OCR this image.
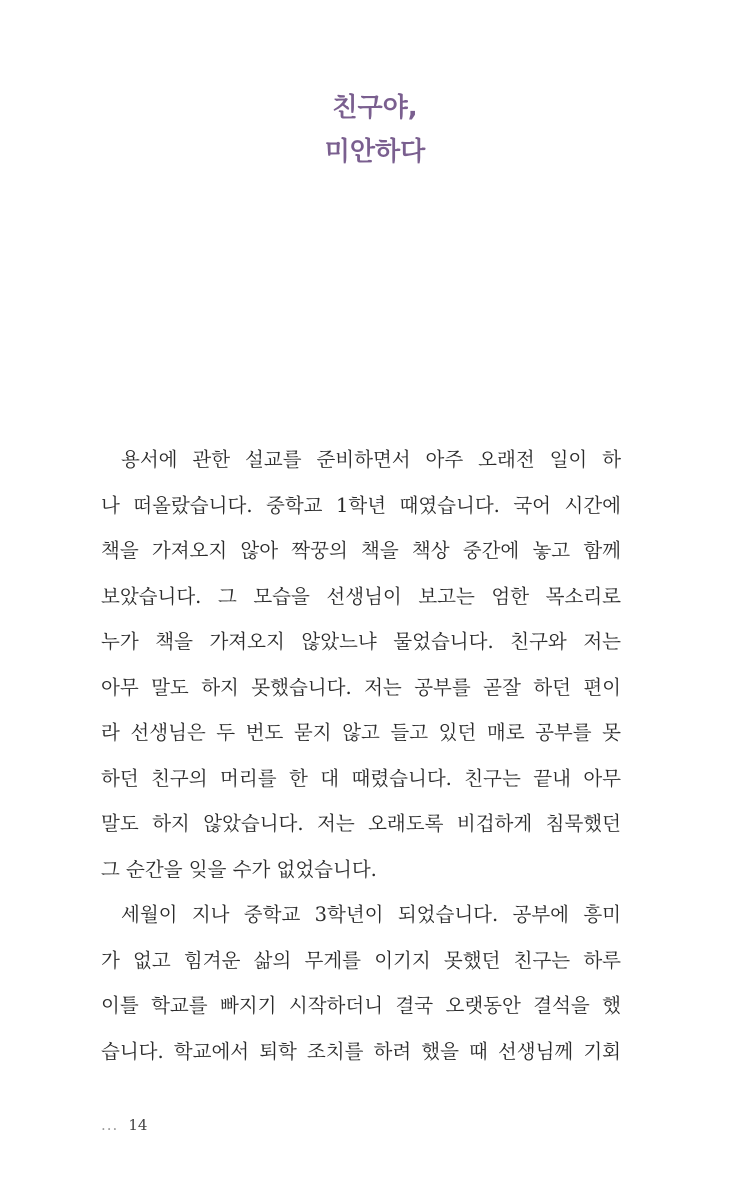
친구야,
미안하다

용서에 관한 설교를 준비하면서 아주 오래전 일이 하
나 떠올랐습니다. 중학교 1학년 때였습니다. 국어 시간에
책을 가져오지 않아 짝꿍의 책을 책상 중간에 놓고 함께
보았습니다. 그 모습을 선생님이 보고는 엄한 목소리로
누가 책을 가져오지 않았느냐 물었습니다. 친구와 저는
아무 말도 하지 못했습니다. 저는 공부를 곧잘 하던 편이
라 선생님은 두 번도 묻지 않고 들고 있던 매로 공부를 못
하던 친구의 머리를 한 대 때렸습니다. 친구는 끝내 아무
말도 하지 않았습니다. 저는 오래도록 비겁하게 침묵했던
그 순간을 잊을 수가 없었습니다.

세월이 지나 중학교 3학년이 되었습니다. 공부에 흥미
가 없고 힘겨운 삶의 무게를 이기지 못했던 친구는 하루
이틀 학교를 빠지기 시작하더니 결국 오랫동안 결석을 했
습니다. 학교에서 퇴학 조치를 하려 했을 때 선생님께 기회

... 14
